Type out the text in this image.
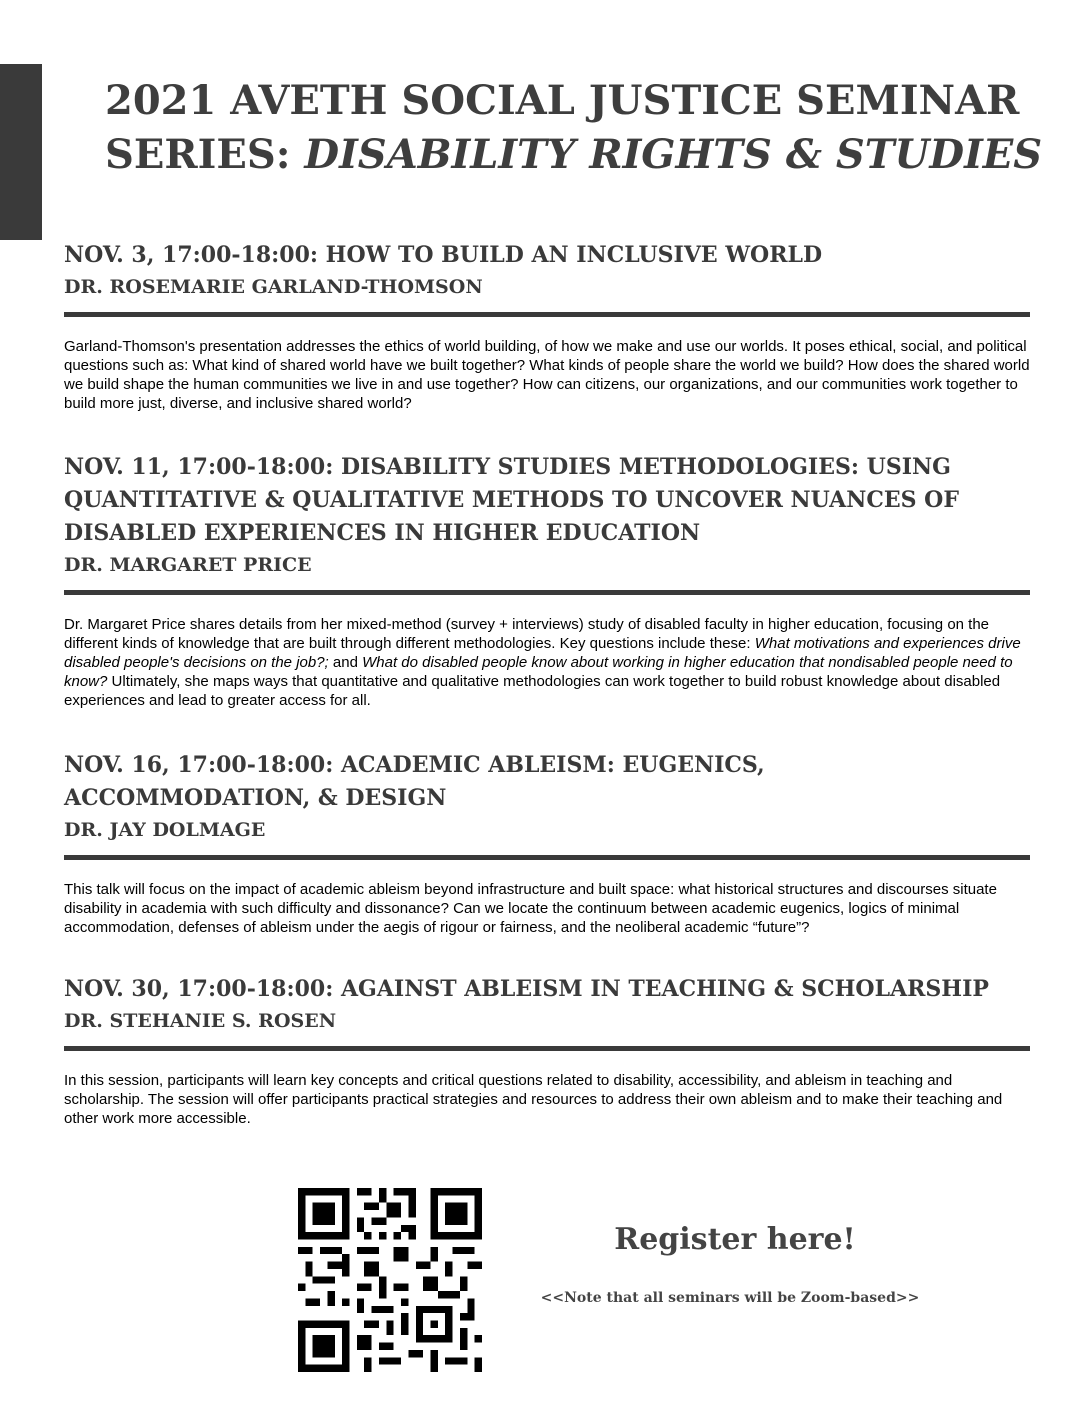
2021 AVETH SOCIAL JUSTICE SEMINAR SERIES: DISABILITY RIGHTS & STUDIES
NOV. 3, 17:00-18:00: HOW TO BUILD AN INCLUSIVE WORLD
DR. ROSEMARIE GARLAND-THOMSON

Garland-Thomson's presentation addresses the ethics of world building, of how we make and use our worlds. It poses ethical, social, and political questions such as: What kind of shared world have we built together? What kinds of people share the world we build? How does the shared world we build shape the human communities we live in and use together? How can citizens, our organizations, and our communities work together to build more just, diverse, and inclusive shared world?

NOV. 11, 17:00-18:00: DISABILITY STUDIES METHODOLOGIES: USING QUANTITATIVE & QUALITATIVE METHODS TO UNCOVER NUANCES OF DISABLED EXPERIENCES IN HIGHER EDUCATION
DR. MARGARET PRICE

Dr. Margaret Price shares details from her mixed-method (survey + interviews) study of disabled faculty in higher education, focusing on the different kinds of knowledge that are built through different methodologies. Key questions include these: What motivations and experiences drive disabled people's decisions on the job?; and What do disabled people know about working in higher education that nondisabled people need to know? Ultimately, she maps ways that quantitative and qualitative methodologies can work together to build robust knowledge about disabled experiences and lead to greater access for all.

NOV. 16, 17:00-18:00: ACADEMIC ABLEISM: EUGENICS, ACCOMMODATION, & DESIGN
DR. JAY DOLMAGE

This talk will focus on the impact of academic ableism beyond infrastructure and built space: what historical structures and discourses situate disability in academia with such difficulty and dissonance? Can we locate the continuum between academic eugenics, logics of minimal accommodation, defenses of ableism under the aegis of rigour or fairness, and the neoliberal academic “future”?

NOV. 30, 17:00-18:00: AGAINST ABLEISM IN TEACHING & SCHOLARSHIP
DR. STEHANIE S. ROSEN

In this session, participants will learn key concepts and critical questions related to disability, accessibility, and ableism in teaching and scholarship. The session will offer participants practical strategies and resources to address their own ableism and to make their teaching and other work more accessible.

Register here!
<<Note that all seminars will be Zoom-based>>
